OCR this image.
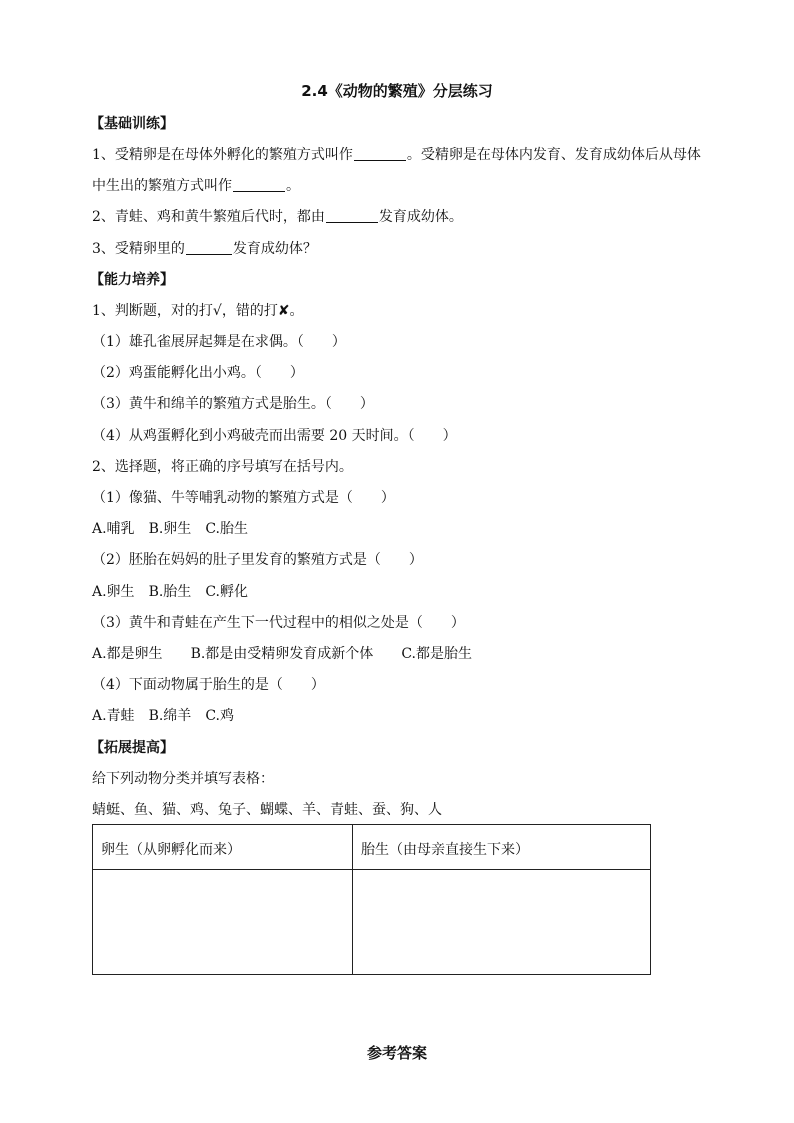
2.4《动物的繁殖》分层练习
【基础训练】
1、受精卵是在母体外孵化的繁殖方式叫作	。受精卵是在母体内发育、发育成幼体后从母体
中生出的繁殖方式叫作	。
2、青蛙、鸡和黄牛繁殖后代时，都由	发育成幼体。
3、受精卵里的	发育成幼体？
【能力培养】
1、判断题，对的打√，错的打✘。
（1）雄孔雀展屏起舞是在求偶。（ ）
（2）鸡蛋能孵化出小鸡。（ ）
（3）黄牛和绵羊的繁殖方式是胎生。（ ）
（4）从鸡蛋孵化到小鸡破壳而出需要 20 天时间。（ ）
2、选择题，将正确的序号填写在括号内。
（1）像猫、牛等哺乳动物的繁殖方式是（ ）
A.哺乳 B.卵生 C.胎生
（2）胚胎在妈妈的肚子里发育的繁殖方式是（ ）
A.卵生 B.胎生 C.孵化
（3）黄牛和青蛙在产生下一代过程中的相似之处是（ ）
A.都是卵生 B.都是由受精卵发育成新个体 C.都是胎生
（4）下面动物属于胎生的是（ ）
A.青蛙 B.绵羊 C.鸡
【拓展提高】
给下列动物分类并填写表格：
蜻蜓、鱼、猫、鸡、兔子、蝴蝶、羊、青蛙、蚕、狗、人
卵生（从卵孵化而来）	胎生（由母亲直接生下来）

参考答案
